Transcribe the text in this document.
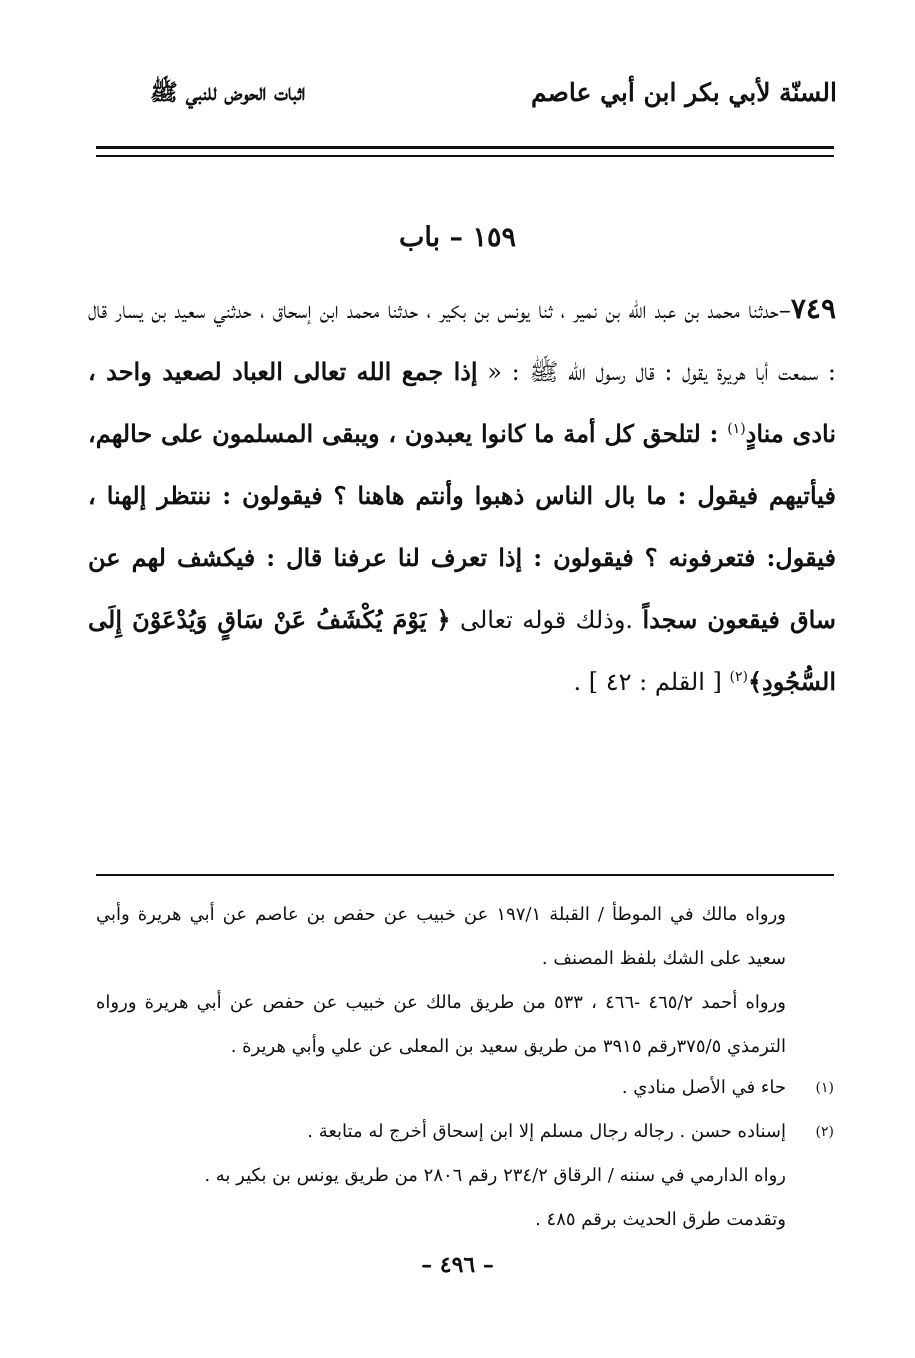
السنّة لأبي بكر ابن أبي عاصم
اثبات الحوض للنبي ﷺ
١٥٩ – باب
٧٤٩–حدثنا محمد بن عبد الله بن نمير ، ثنا يونس بن بكير ، حدثنا محمد ابن إسحاق ، حدثني سعيد بن يسار قال : سمعت أبا هريرة يقول : قال رسول الله ﷺ : « إذا جمع الله تعالى العباد لصعيد واحد ، نادى منادٍ$^{(١)}$ : لتلحق كل أمة ما كانوا يعبدون ، ويبقى المسلمون على حالهم، فيأتيهم فيقول : ما بال الناس ذهبوا وأنتم هاهنا ؟ فيقولون : ننتظر إلهنا ، فيقول: فتعرفونه ؟ فيقولون : إذا تعرف لنا عرفنا قال : فيكشف لهم عن ساق فيقعون سجداً .وذلك قوله تعالى ﴿ يَوْمَ يُكْشَفُ عَنْ سَاقٍ وَيُدْعَوْنَ إِلَى السُّجُودِ﴾$^{(٢)}$ [ القلم : ٤٢ ] .
ورواه مالك في الموطأ / القبلة ١٩٧/١ عن خبيب عن حفص بن عاصم عن أبي هريرة وأبي سعيد على الشك بلفظ المصنف .
ورواه أحمد ٤٦٥/٢ -٤٦٦ ، ٥٣٣ من طريق مالك عن خبيب عن حفص عن أبي هريرة ورواه الترمذي ٣٧٥/٥رقم ٣٩١٥ من طريق سعيد بن المعلى عن علي وأبي هريرة .
(١)
حاء في الأصل منادي .
(٢)
إسناده حسن . رجاله رجال مسلم إلا ابن إسحاق أخرج له متابعة .
رواه الدارمي في سننه / الرقاق ٢٣٤/٢ رقم ٢٨٠٦ من طريق يونس بن بكير به .
وتقدمت طرق الحديث برقم ٤٨٥ .
– ٤٩٦ –
